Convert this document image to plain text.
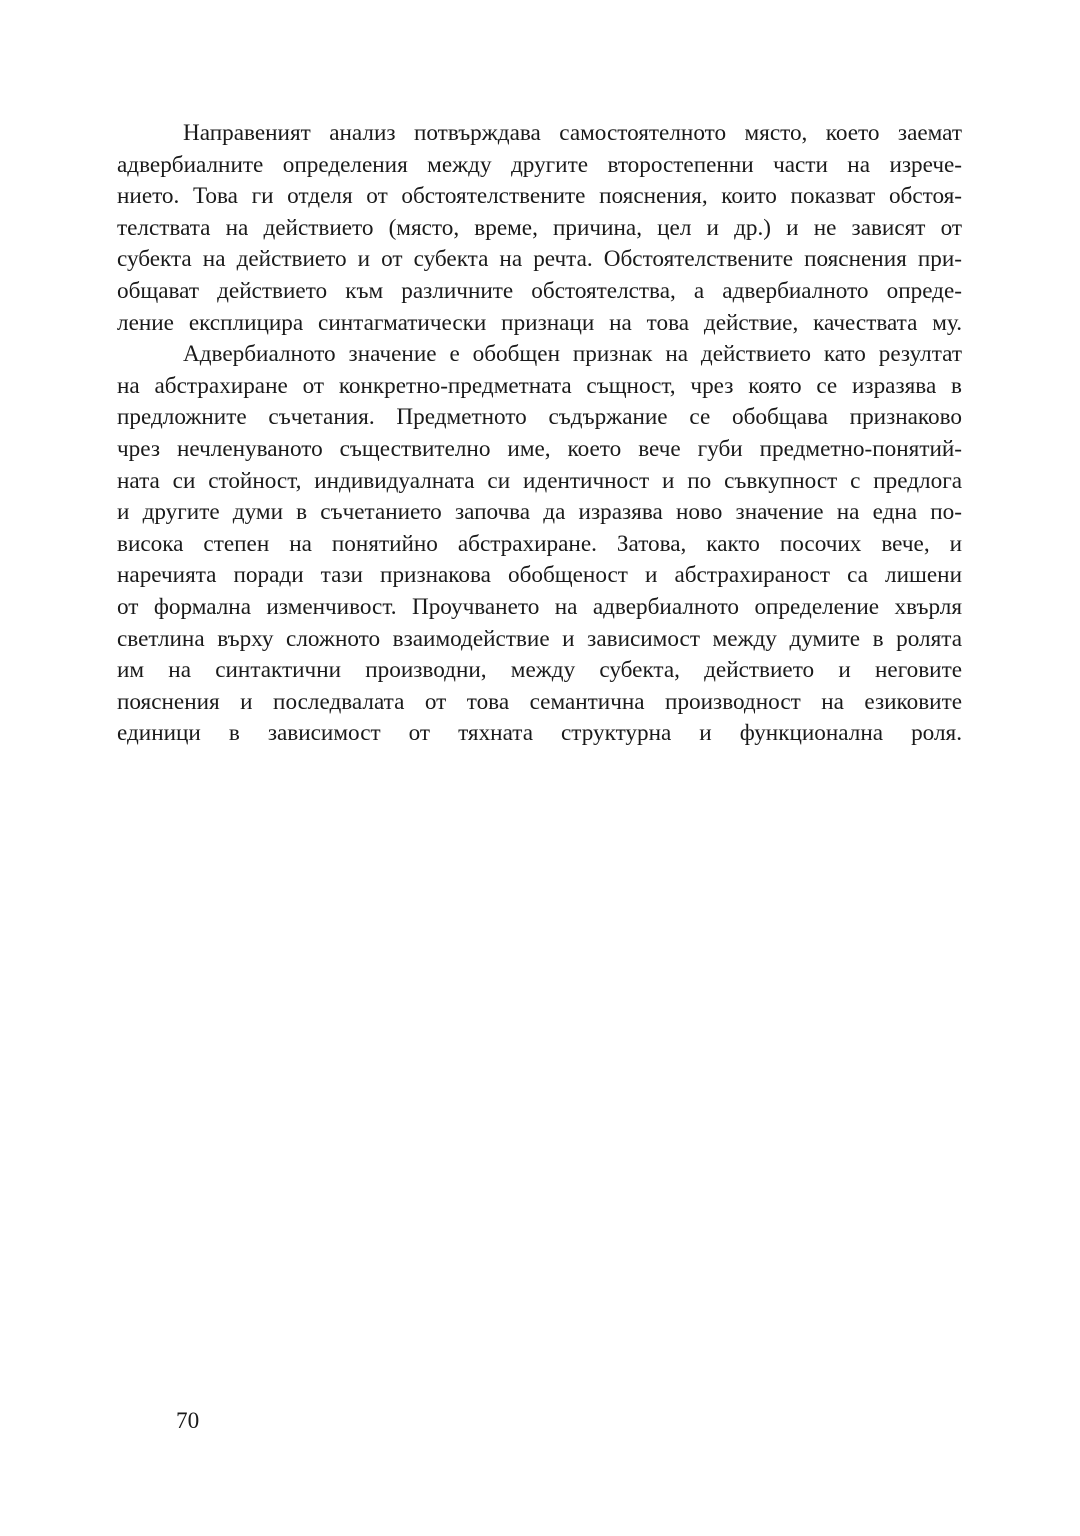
Направеният анализ потвърждава самостоятелното място, което заемат
адвербиалните определения между другите второстепенни части на изрече-
нието. Това ги отделя от обстоятелствените пояснения, които показват обстоя-
телствата на действието (място, време, причина, цел и др.) и не зависят от
субекта на действието и от субекта на речта. Обстоятелствените пояснения при-
общават действието към различните обстоятелства, а адвербиалното опреде-
ление експлицира синтагматически признаци на това действие, качествата му.

Адвербиалното значение е обобщен признак на действието като резултат
на абстрахиране от конкретно-предметната същност, чрез която се изразява в
предложните съчетания. Предметното съдържание се обобщава признаково
чрез нечленуваното съществително име, което вече губи предметно-понятий-
ната си стойност, индивидуалната си идентичност и по съвкупност с предлога
и другите думи в съчетанието започва да изразява ново значение на една по-
висока степен на понятийно абстрахиране. Затова, както посочих вече, и
наречията поради тази признакова обобщеност и абстрахираност са лишени
от формална изменчивост. Проучването на адвербиалното определение хвърля
светлина върху сложното взаимодействие и зависимост между думите в ролята
им на синтактични производни, между субекта, действието и неговите
пояснения и последвалата от това семантична производност на езиковите
единици в зависимост от тяхната структурна и функционална роля.

70
